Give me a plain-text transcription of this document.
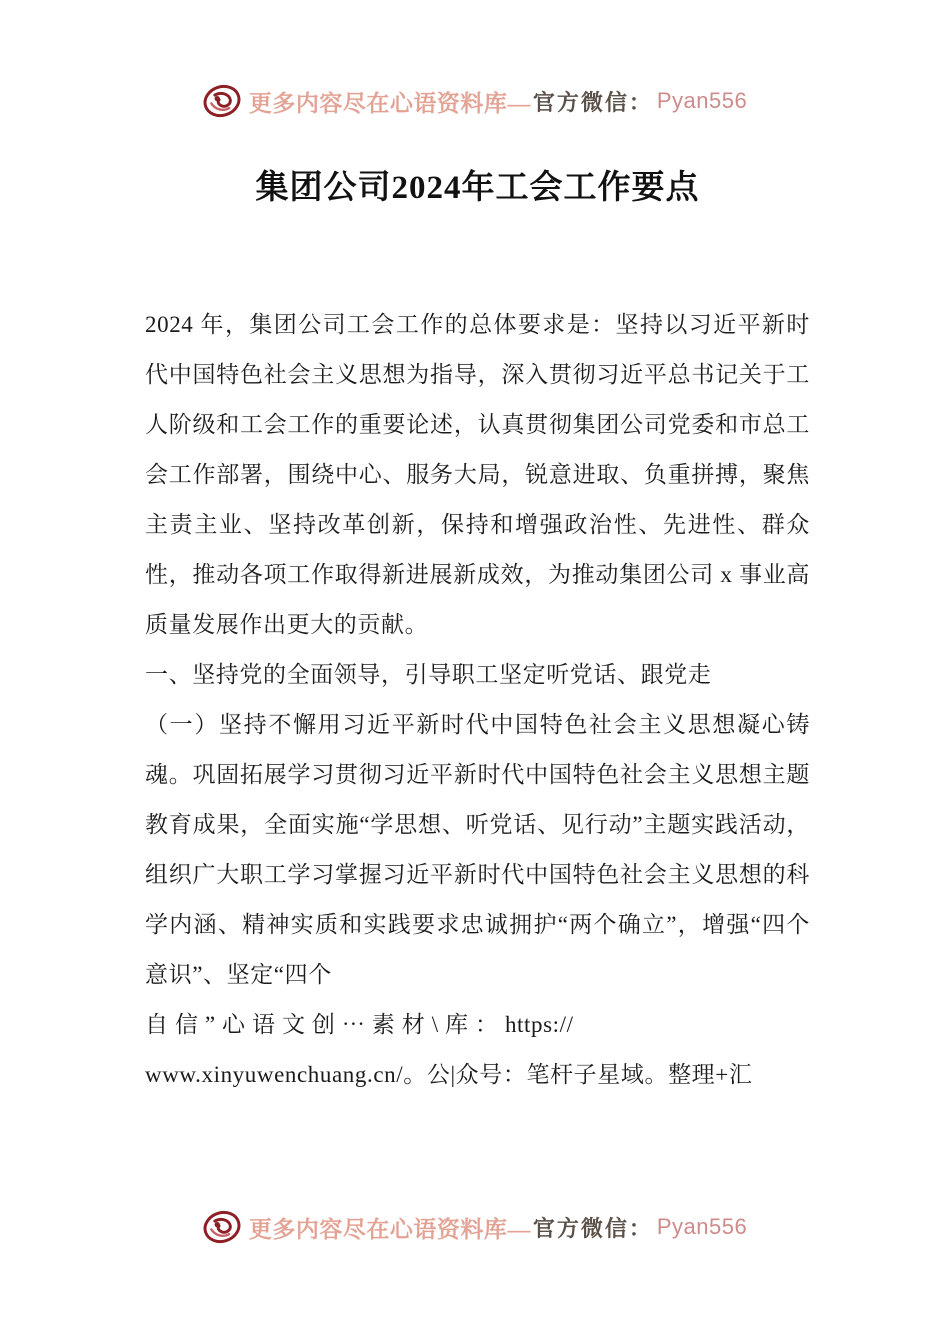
更多内容尽在心语资料库— 官方微信： Pyan556
集团公司2024年工会工作要点

2024 年，集团公司工会工作的总体要求是：坚持以习近平新时代中国特色社会主义思想为指导，深入贯彻习近平总书记关于工人阶级和工会工作的重要论述，认真贯彻集团公司党委和市总工会工作部署，围绕中心、服务大局，锐意进取、负重拼搏，聚焦主责主业、坚持改革创新，保持和增强政治性、先进性、群众性，推动各项工作取得新进展新成效，为推动集团公司 x 事业高质量发展作出更大的贡献。

一、坚持党的全面领导，引导职工坚定听党话、跟党走

（一）坚持不懈用习近平新时代中国特色社会主义思想凝心铸魂。巩固拓展学习贯彻习近平新时代中国特色社会主义思想主题教育成果，全面实施“学思想、听党话、见行动”主题实践活动，组织广大职工学习掌握习近平新时代中国特色社会主义思想的科学内涵、精神实质和实践要求忠诚拥护“两个确立”，增强“四个意识”、坚定“四个

自 信 ” 心 语 文 创 ⋯ 素 材 \ 库 ： https://

www.xinyuwenchuang.cn/。公|众号：笔杆子星域。整理+汇

更多内容尽在心语资料库— 官方微信： Pyan556
